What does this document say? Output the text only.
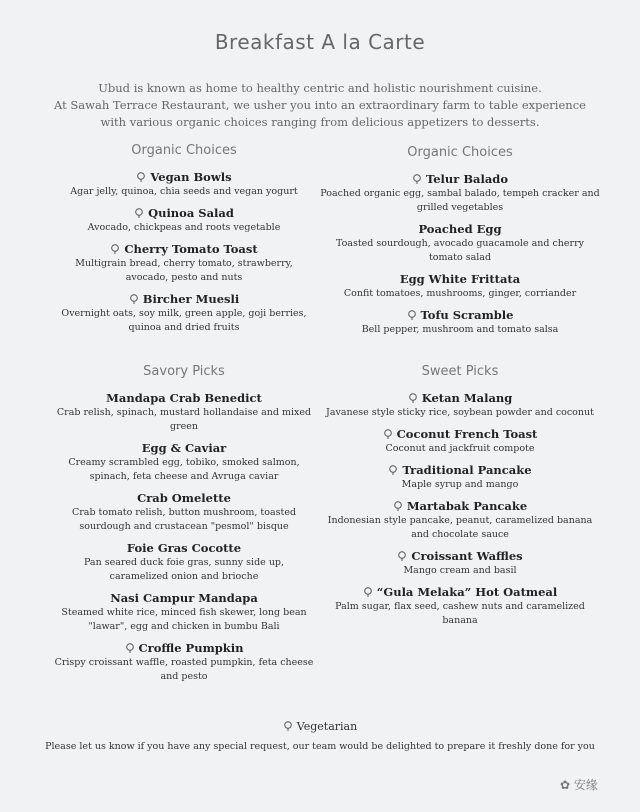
Breakfast A la Carte
Ubud is known as home to healthy centric and holistic nourishment cuisine.
At Sawah Terrace Restaurant, we usher you into an extraordinary farm to table experience
with various organic choices ranging from delicious appetizers to desserts.
Organic Choices
Vegan Bowls
Agar jelly, quinoa, chia seeds and vegan yogurt
Quinoa Salad
Avocado, chickpeas and roots vegetable
Cherry Tomato Toast
Multigrain bread, cherry tomato, strawberry, avocado, pesto and nuts
Bircher Muesli
Overnight oats, soy milk, green apple, goji berries, quinoa and dried fruits
Organic Choices
Telur Balado
Poached organic egg, sambal balado, tempeh cracker and grilled vegetables
Poached Egg
Toasted sourdough, avocado guacamole and cherry tomato salad
Egg White Frittata
Confit tomatoes, mushrooms, ginger, corriander
Tofu Scramble
Bell pepper, mushroom and tomato salsa
Savory Picks
Mandapa Crab Benedict
Crab relish, spinach, mustard hollandaise and mixed green
Egg & Caviar
Creamy scrambled egg, tobiko, smoked salmon, spinach, feta cheese and Avruga caviar
Crab Omelette
Crab tomato relish, button mushroom, toasted sourdough and crustacean "pesmol" bisque
Foie Gras Cocotte
Pan seared duck foie gras, sunny side up, caramelized onion and brioche
Nasi Campur Mandapa
Steamed white rice, minced fish skewer, long bean "lawar", egg and chicken in bumbu Bali
Croffle Pumpkin
Crispy croissant waffle, roasted pumpkin, feta cheese and pesto
Sweet Picks
Ketan Malang
Javanese style sticky rice, soybean powder and coconut
Coconut French Toast
Coconut and jackfruit compote
Traditional Pancake
Maple syrup and mango
Martabak Pancake
Indonesian style pancake, peanut, caramelized banana and chocolate sauce
Croissant Waffles
Mango cream and basil
“Gula Melaka” Hot Oatmeal
Palm sugar, flax seed, cashew nuts and caramelized banana
Vegetarian
Please let us know if you have any special request, our team would be delighted to prepare it freshly done for you
✿ 安缘
